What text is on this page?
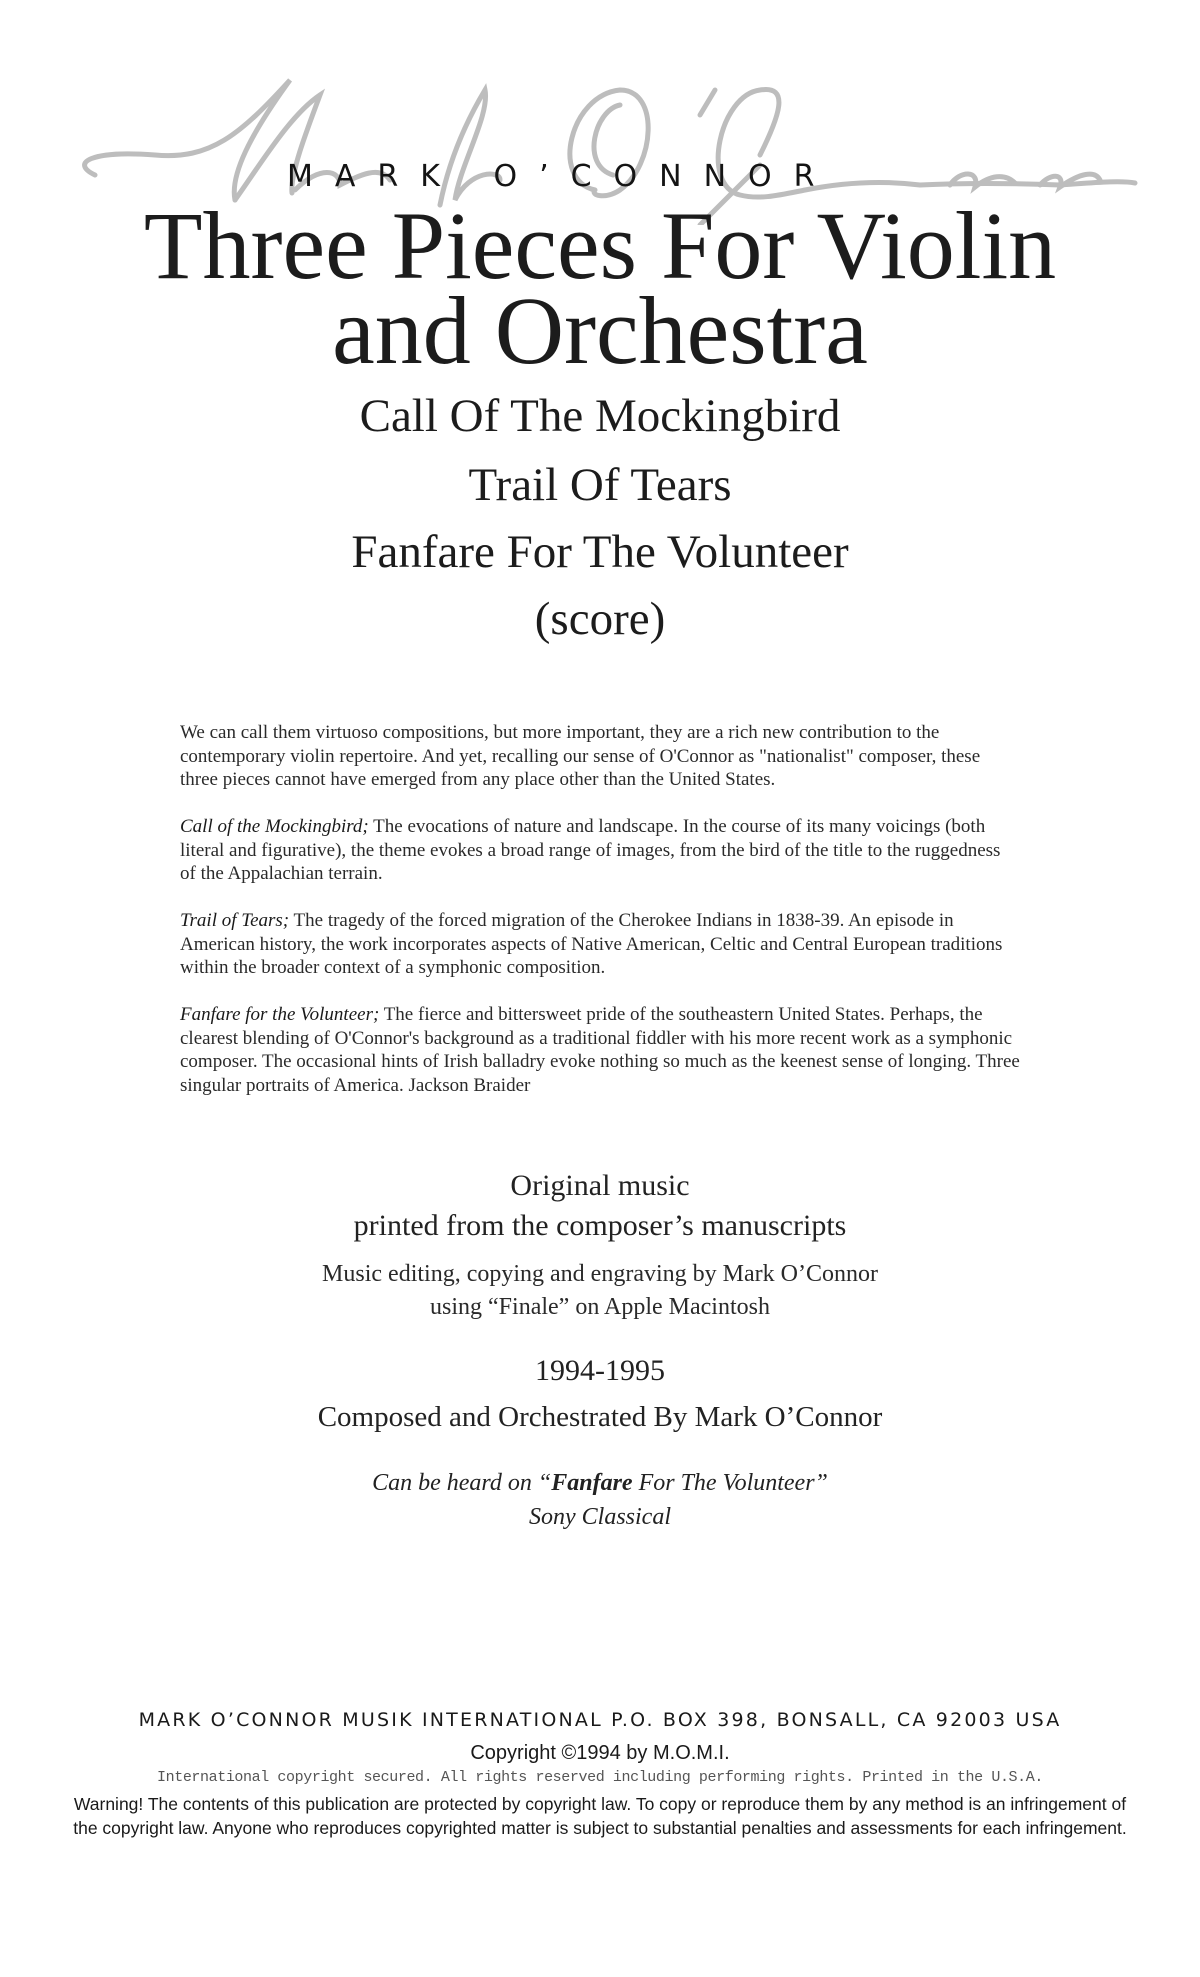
MARK O’CONNOR
Three Pieces For Violin
and Orchestra
Call Of The Mockingbird
Trail Of Tears
Fanfare For The Volunteer
(score)
We can call them virtuoso compositions, but more important, they are a rich new contribution to the contemporary violin repertoire. And yet, recalling our sense of O'Connor as "nationalist" composer, these three pieces cannot have emerged from any place other than the United States.
Call of the Mockingbird; The evocations of nature and landscape. In the course of its many voicings (both literal and figurative), the theme evokes a broad range of images, from the bird of the title to the ruggedness of the Appalachian terrain.
Trail of Tears; The tragedy of the forced migration of the Cherokee Indians in 1838-39. An episode in American history, the work incorporates aspects of Native American, Celtic and Central European traditions within the broader context of a symphonic composition.
Fanfare for the Volunteer; The fierce and bittersweet pride of the southeastern United States. Perhaps, the clearest blending of O'Connor's background as a traditional fiddler with his more recent work as a symphonic composer. The occasional hints of Irish balladry evoke nothing so much as the keenest sense of longing. Three singular portraits of America. Jackson Braider
Original music
printed from the composer’s manuscripts
Music editing, copying and engraving by Mark O’Connor
using “Finale” on Apple Macintosh
1994-1995
Composed and Orchestrated By Mark O’Connor
Can be heard on “Fanfare For The Volunteer”
Sony Classical
MARK O’CONNOR MUSIK INTERNATIONAL P.O. BOX 398, BONSALL, CA 92003 USA
Copyright ©1994 by M.O.M.I.
International copyright secured. All rights reserved including performing rights. Printed in the U.S.A.
Warning! The contents of this publication are protected by copyright law. To copy or reproduce them by any method is an infringement of the copyright law. Anyone who reproduces copyrighted matter is subject to substantial penalties and assessments for each infringement.
